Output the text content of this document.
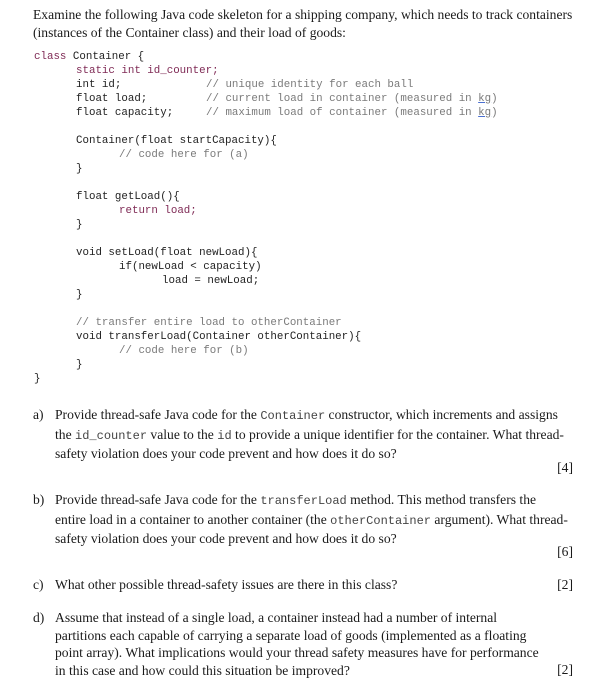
Examine the following Java code skeleton for a shipping company, which needs to track containers (instances of the Container class) and their load of goods:
class Container {
static int id_counter;
int id;	// unique identity for each ball
float load;	// current load in container (measured in kg)
float capacity;	// maximum load of container (measured in kg)
Container(float startCapacity){
// code here for (a)
}
float getLoad(){
return load;
}
void setLoad(float newLoad){
if(newLoad < capacity)
load = newLoad;
}
// transfer entire load to otherContainer
void transferLoad(Container otherContainer){
// code here for (b)
}
}
a) Provide thread-safe Java code for the Container constructor, which increments and assigns the id_counter value to the id to provide a unique identifier for the container. What thread-safety violation does your code prevent and how does it do so?
[4]
b) Provide thread-safe Java code for the transferLoad method. This method transfers the entire load in a container to another container (the otherContainer argument). What thread-safety violation does your code prevent and how does it do so?
[6]
c) What other possible thread-safety issues are there in this class?	[2]
d) Assume that instead of a single load, a container instead had a number of internal partitions each capable of carrying a separate load of goods (implemented as a floating point array). What implications would your thread safety measures have for performance in this case and how could this situation be improved?	[2]
